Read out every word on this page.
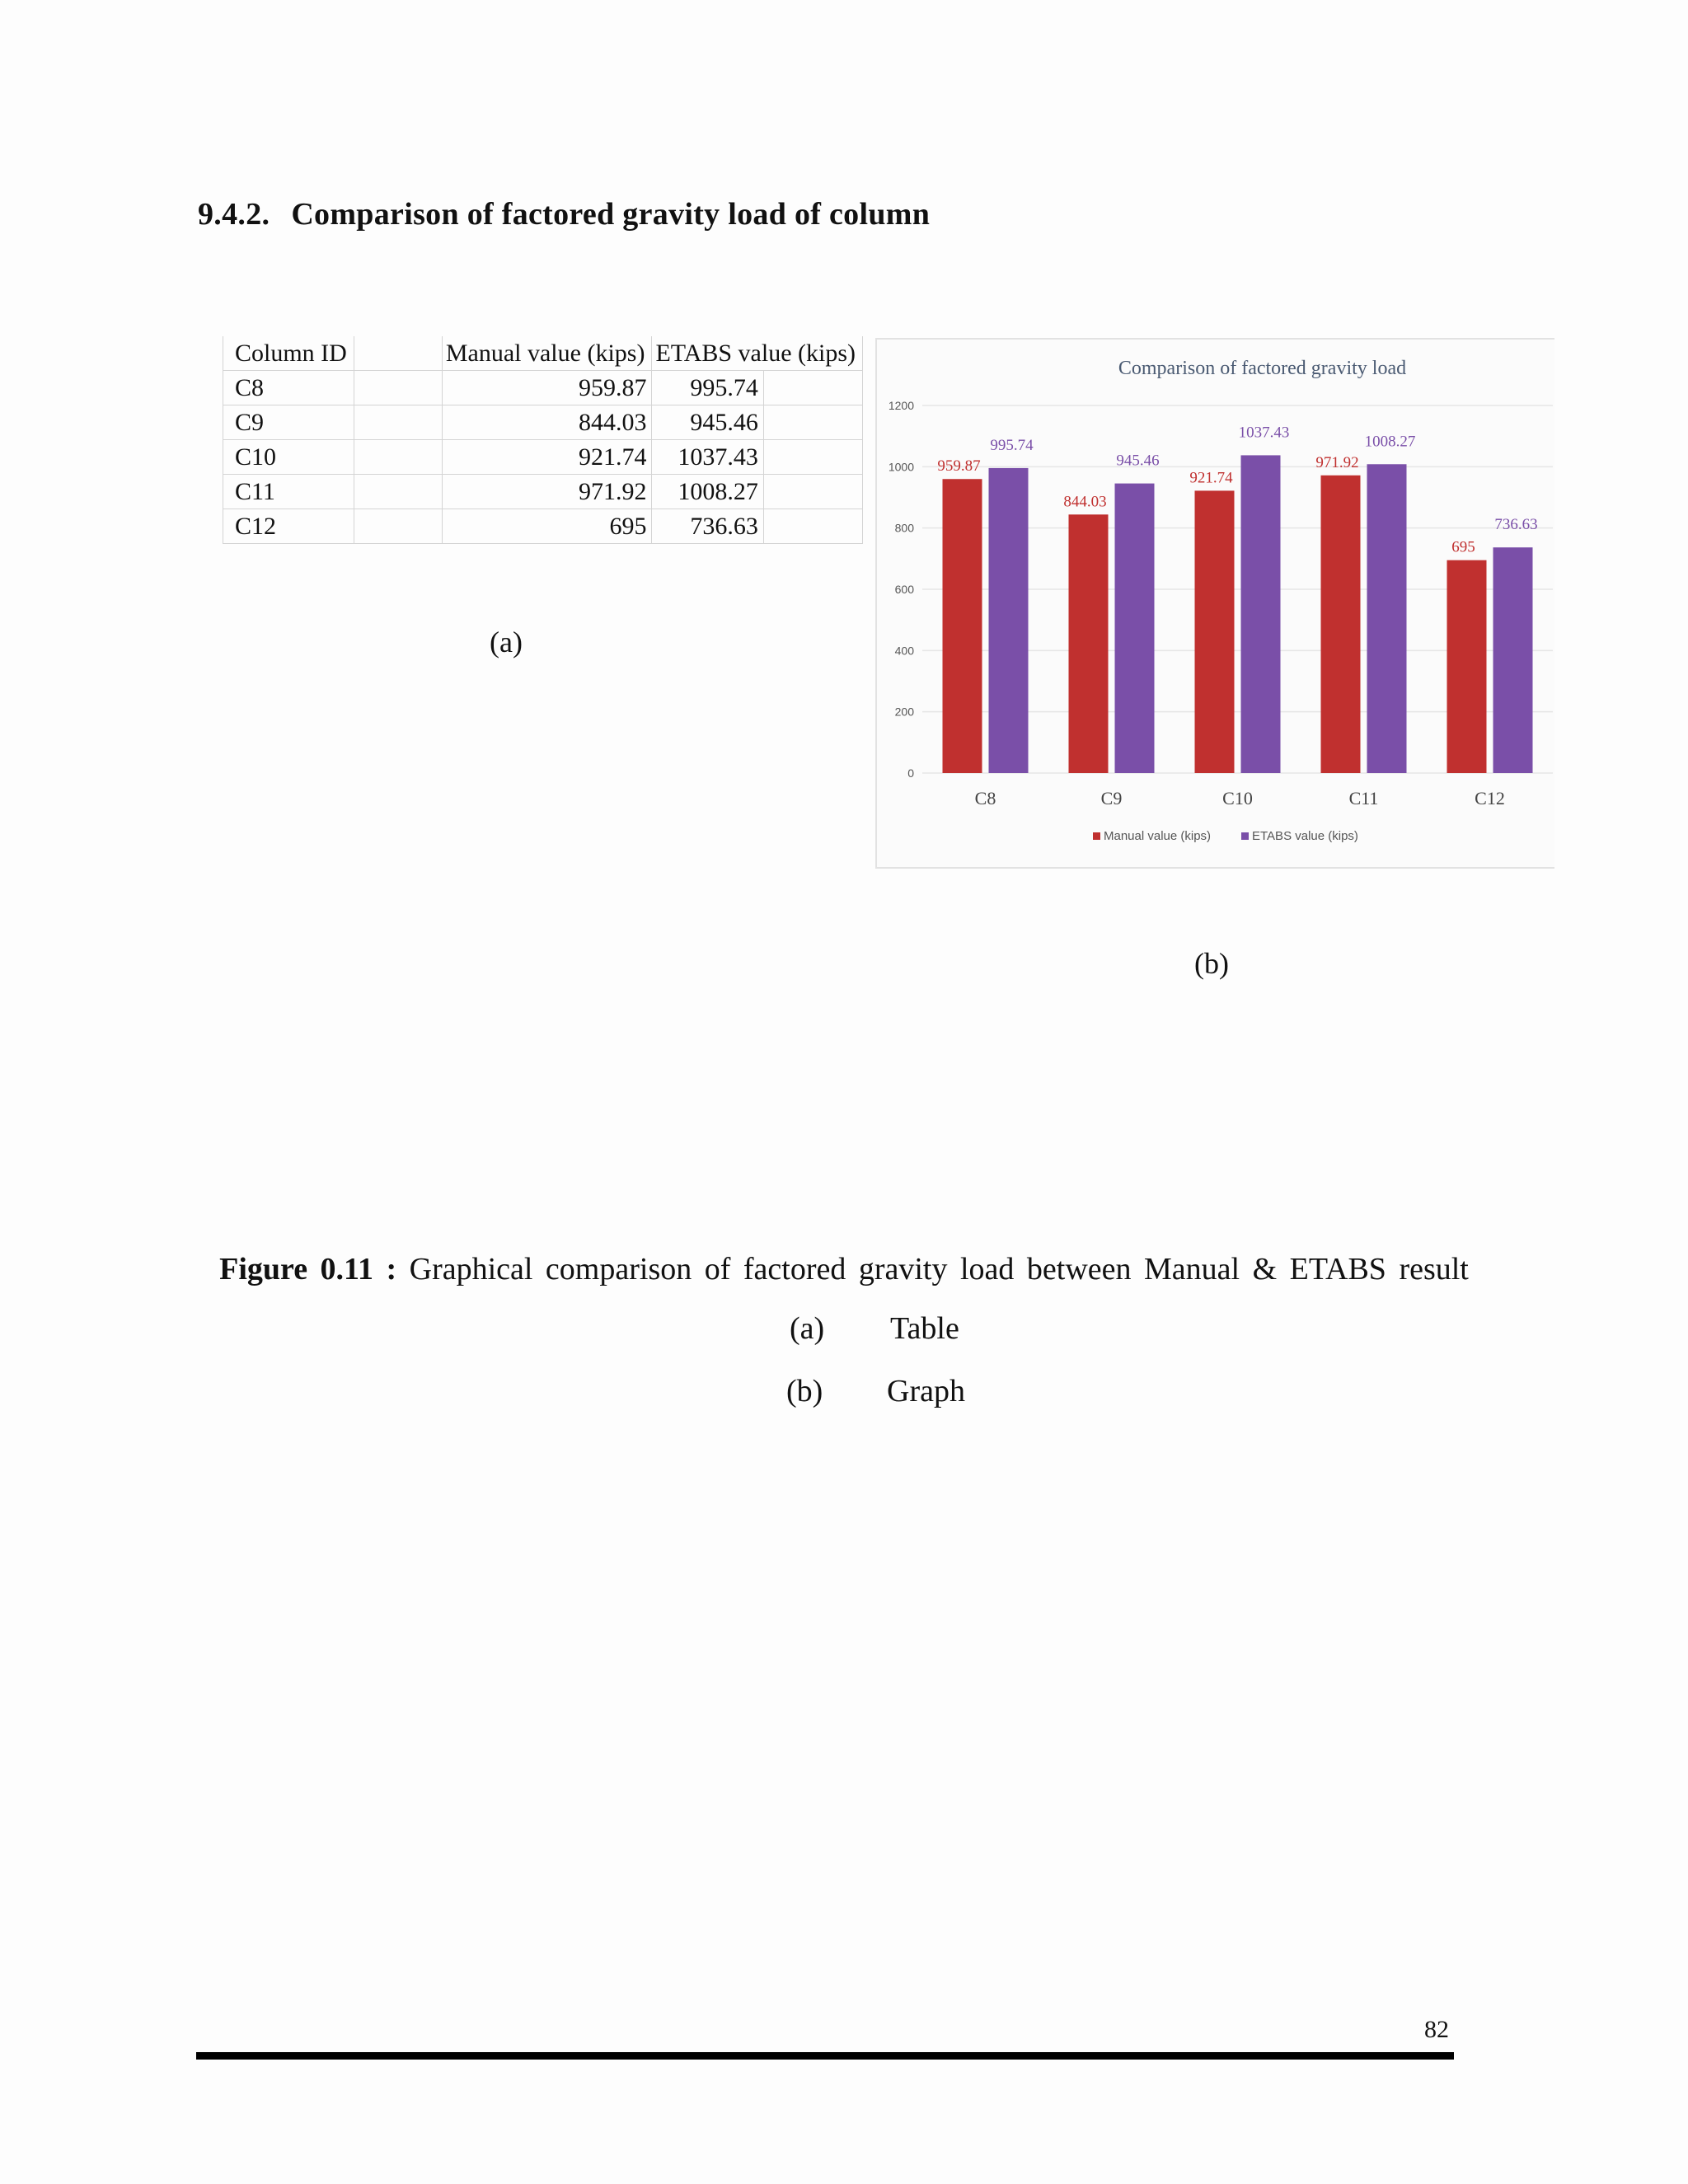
9.4.2. Comparison of factored gravity load of column
Column ID		Manual value (kips)	ETABS value (kips)	
C8		959.87	995.74	
C9		844.03	945.46	
C10		921.74	1037.43	
C11		971.92	1008.27	
C12		695	736.63	
(a)
Comparison of factored gravity load
0
200
400
600
800
1000
1200
959.87
995.74
C8
844.03
945.46
C9
921.74
1037.43
C10
971.92
1008.27
C11
695
736.63
C12
Manual value (kips)	ETABS value (kips)
(b)
Figure 0.11 : Graphical comparison of factored gravity load between Manual & ETABS result
(a) Table
(b) Graph
82
